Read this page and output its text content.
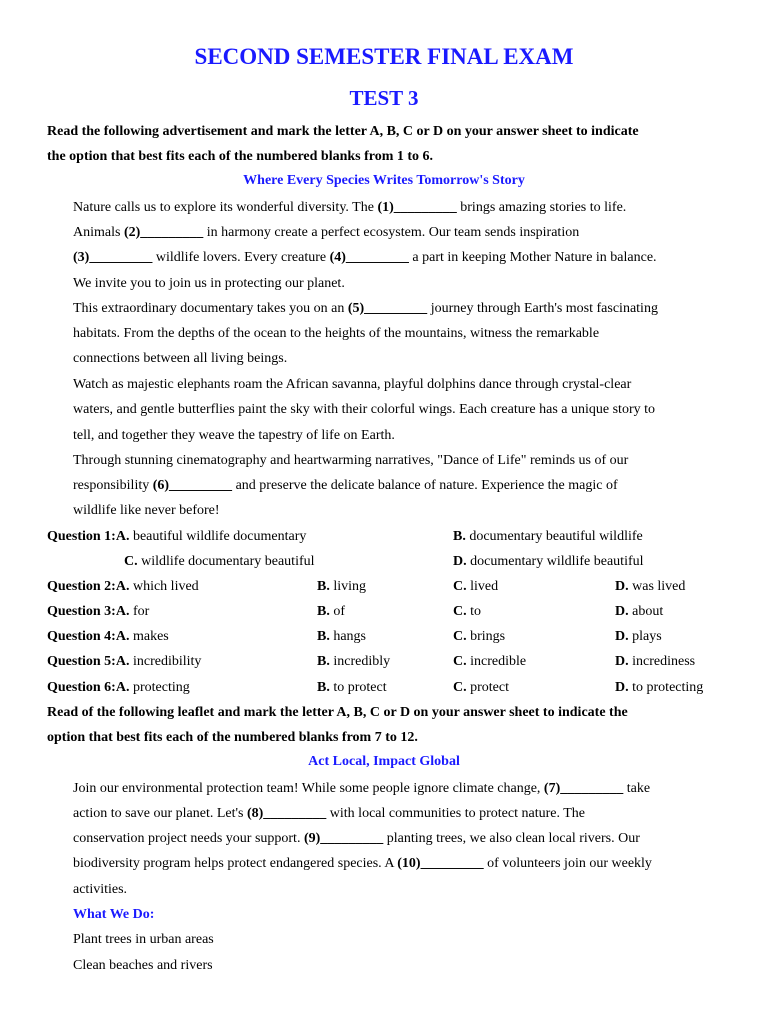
SECOND SEMESTER FINAL EXAM
TEST 3
Read the following advertisement and mark the letter A, B, C or D on your answer sheet to indicate
the option that best fits each of the numbered blanks from 1 to 6.
Where Every Species Writes Tomorrow's Story
Nature calls us to explore its wonderful diversity. The (1)_________ brings amazing stories to life.
Animals (2)_________ in harmony create a perfect ecosystem. Our team sends inspiration
(3)_________ wildlife lovers. Every creature (4)_________ a part in keeping Mother Nature in balance.
We invite you to join us in protecting our planet.
This extraordinary documentary takes you on an (5)_________ journey through Earth's most fascinating
habitats. From the depths of the ocean to the heights of the mountains, witness the remarkable
connections between all living beings.
Watch as majestic elephants roam the African savanna, playful dolphins dance through crystal-clear
waters, and gentle butterflies paint the sky with their colorful wings. Each creature has a unique story to
tell, and together they weave the tapestry of life on Earth.
Through stunning cinematography and heartwarming narratives, "Dance of Life" reminds us of our
responsibility (6)_________ and preserve the delicate balance of nature. Experience the magic of
wildlife like never before!
Question 1:A. beautiful wildlife documentary	B. documentary beautiful wildlife
C. wildlife documentary beautiful	D. documentary wildlife beautiful
Question 2:A. which lived	B. living	C. lived	D. was lived
Question 3:A. for	B. of	C. to	D. about
Question 4:A. makes	B. hangs	C. brings	D. plays
Question 5:A. incredibility	B. incredibly	C. incredible	D. incrediness
Question 6:A. protecting	B. to protect	C. protect	D. to protecting
Read of the following leaflet and mark the letter A, B, C or D on your answer sheet to indicate the
option that best fits each of the numbered blanks from 7 to 12.
Act Local, Impact Global
Join our environmental protection team! While some people ignore climate change, (7)_________ take
action to save our planet. Let's (8)_________ with local communities to protect nature. The
conservation project needs your support. (9)_________ planting trees, we also clean local rivers. Our
biodiversity program helps protect endangered species. A (10)_________ of volunteers join our weekly
activities.
What We Do:
Plant trees in urban areas
Clean beaches and rivers
